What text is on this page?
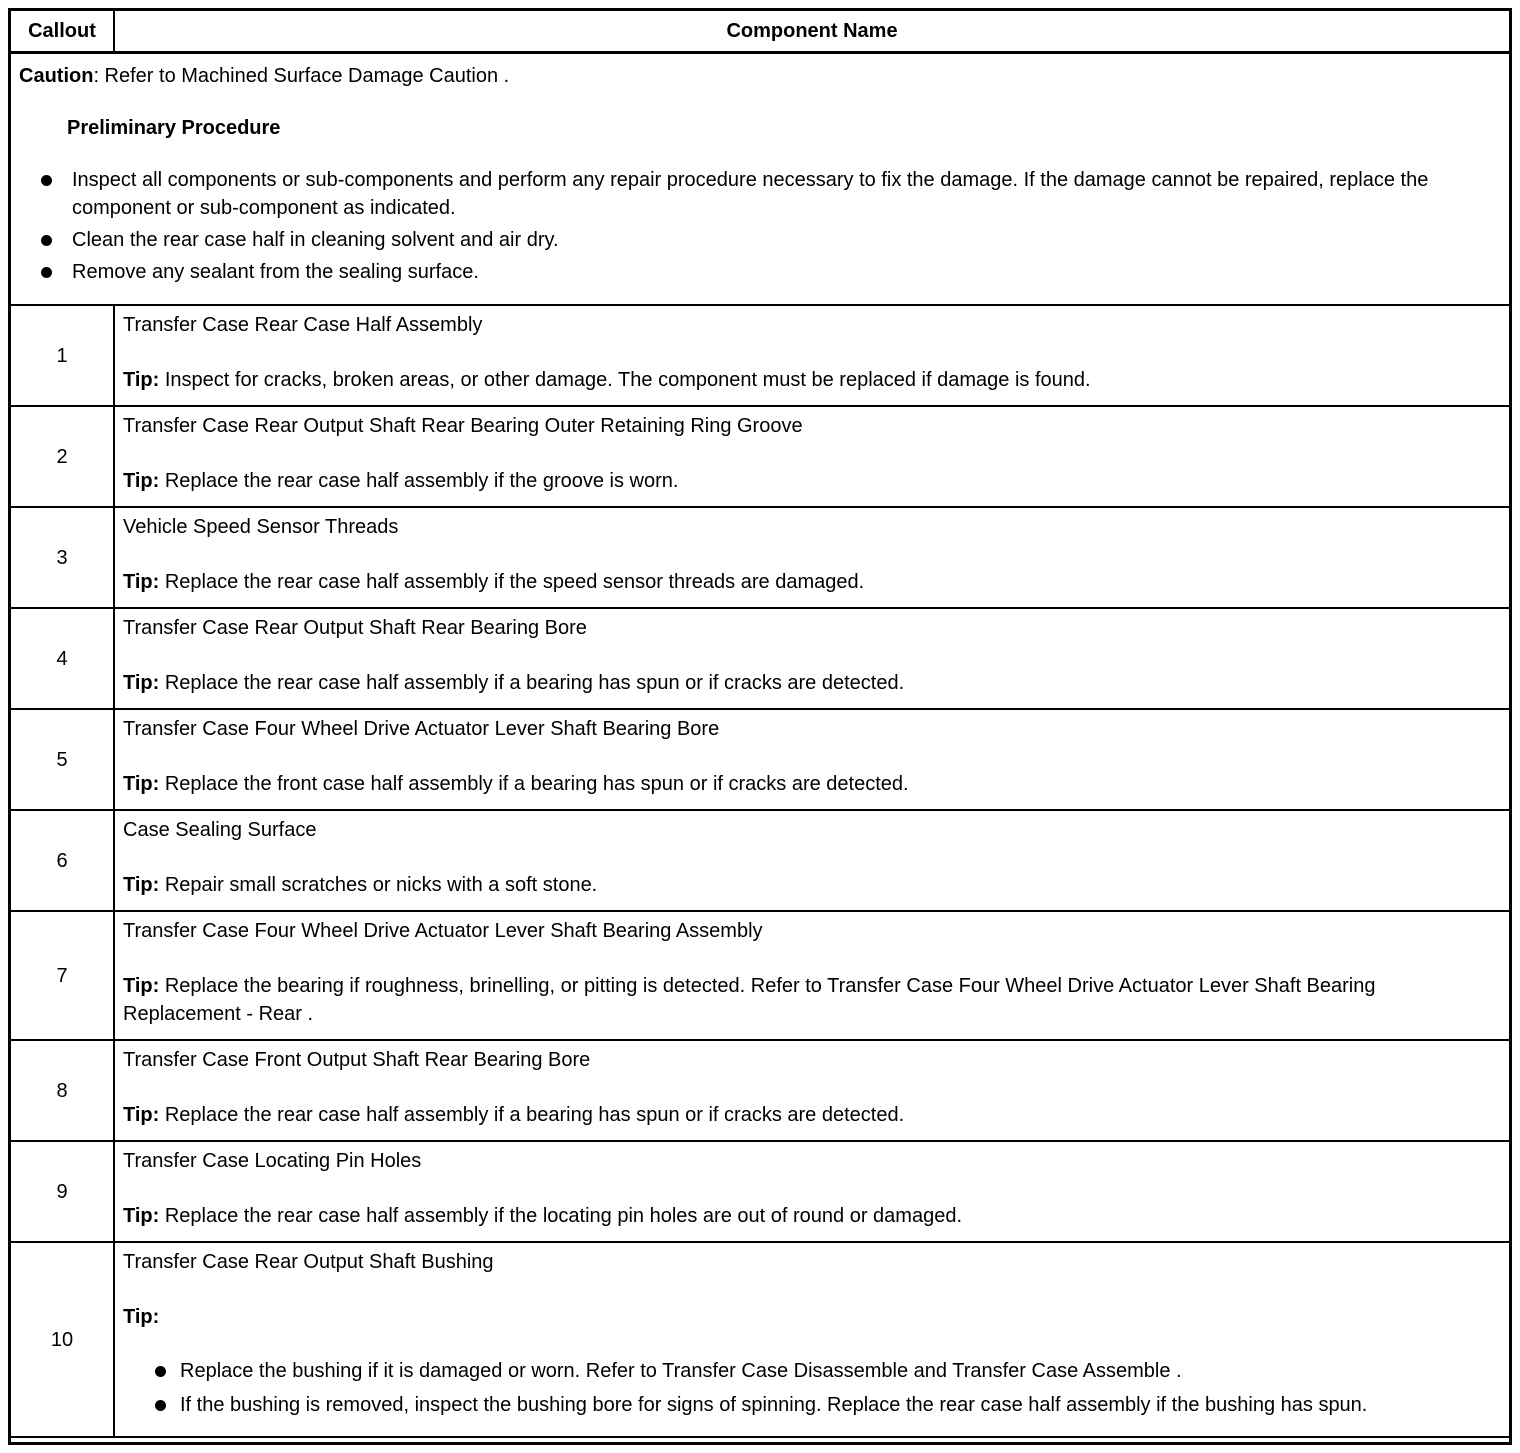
Callout	Component Name
Caution: Refer to Machined Surface Damage Caution .
Preliminary Procedure
Inspect all components or sub-components and perform any repair procedure necessary to fix the damage. If the damage cannot be repaired, replace the component or sub-component as indicated.
Clean the rear case half in cleaning solvent and air dry.
Remove any sealant from the sealing surface.
1
Transfer Case Rear Case Half Assembly
Tip: Inspect for cracks, broken areas, or other damage. The component must be replaced if damage is found.
2
Transfer Case Rear Output Shaft Rear Bearing Outer Retaining Ring Groove
Tip: Replace the rear case half assembly if the groove is worn.
3
Vehicle Speed Sensor Threads
Tip: Replace the rear case half assembly if the speed sensor threads are damaged.
4
Transfer Case Rear Output Shaft Rear Bearing Bore
Tip: Replace the rear case half assembly if a bearing has spun or if cracks are detected.
5
Transfer Case Four Wheel Drive Actuator Lever Shaft Bearing Bore
Tip: Replace the front case half assembly if a bearing has spun or if cracks are detected.
6
Case Sealing Surface
Tip: Repair small scratches or nicks with a soft stone.
7
Transfer Case Four Wheel Drive Actuator Lever Shaft Bearing Assembly
Tip: Replace the bearing if roughness, brinelling, or pitting is detected. Refer to Transfer Case Four Wheel Drive Actuator Lever Shaft Bearing Replacement - Rear .
8
Transfer Case Front Output Shaft Rear Bearing Bore
Tip: Replace the rear case half assembly if a bearing has spun or if cracks are detected.
9
Transfer Case Locating Pin Holes
Tip: Replace the rear case half assembly if the locating pin holes are out of round or damaged.
10
Transfer Case Rear Output Shaft Bushing
Tip:
Replace the bushing if it is damaged or worn. Refer to Transfer Case Disassemble and Transfer Case Assemble .
If the bushing is removed, inspect the bushing bore for signs of spinning. Replace the rear case half assembly if the bushing has spun.
